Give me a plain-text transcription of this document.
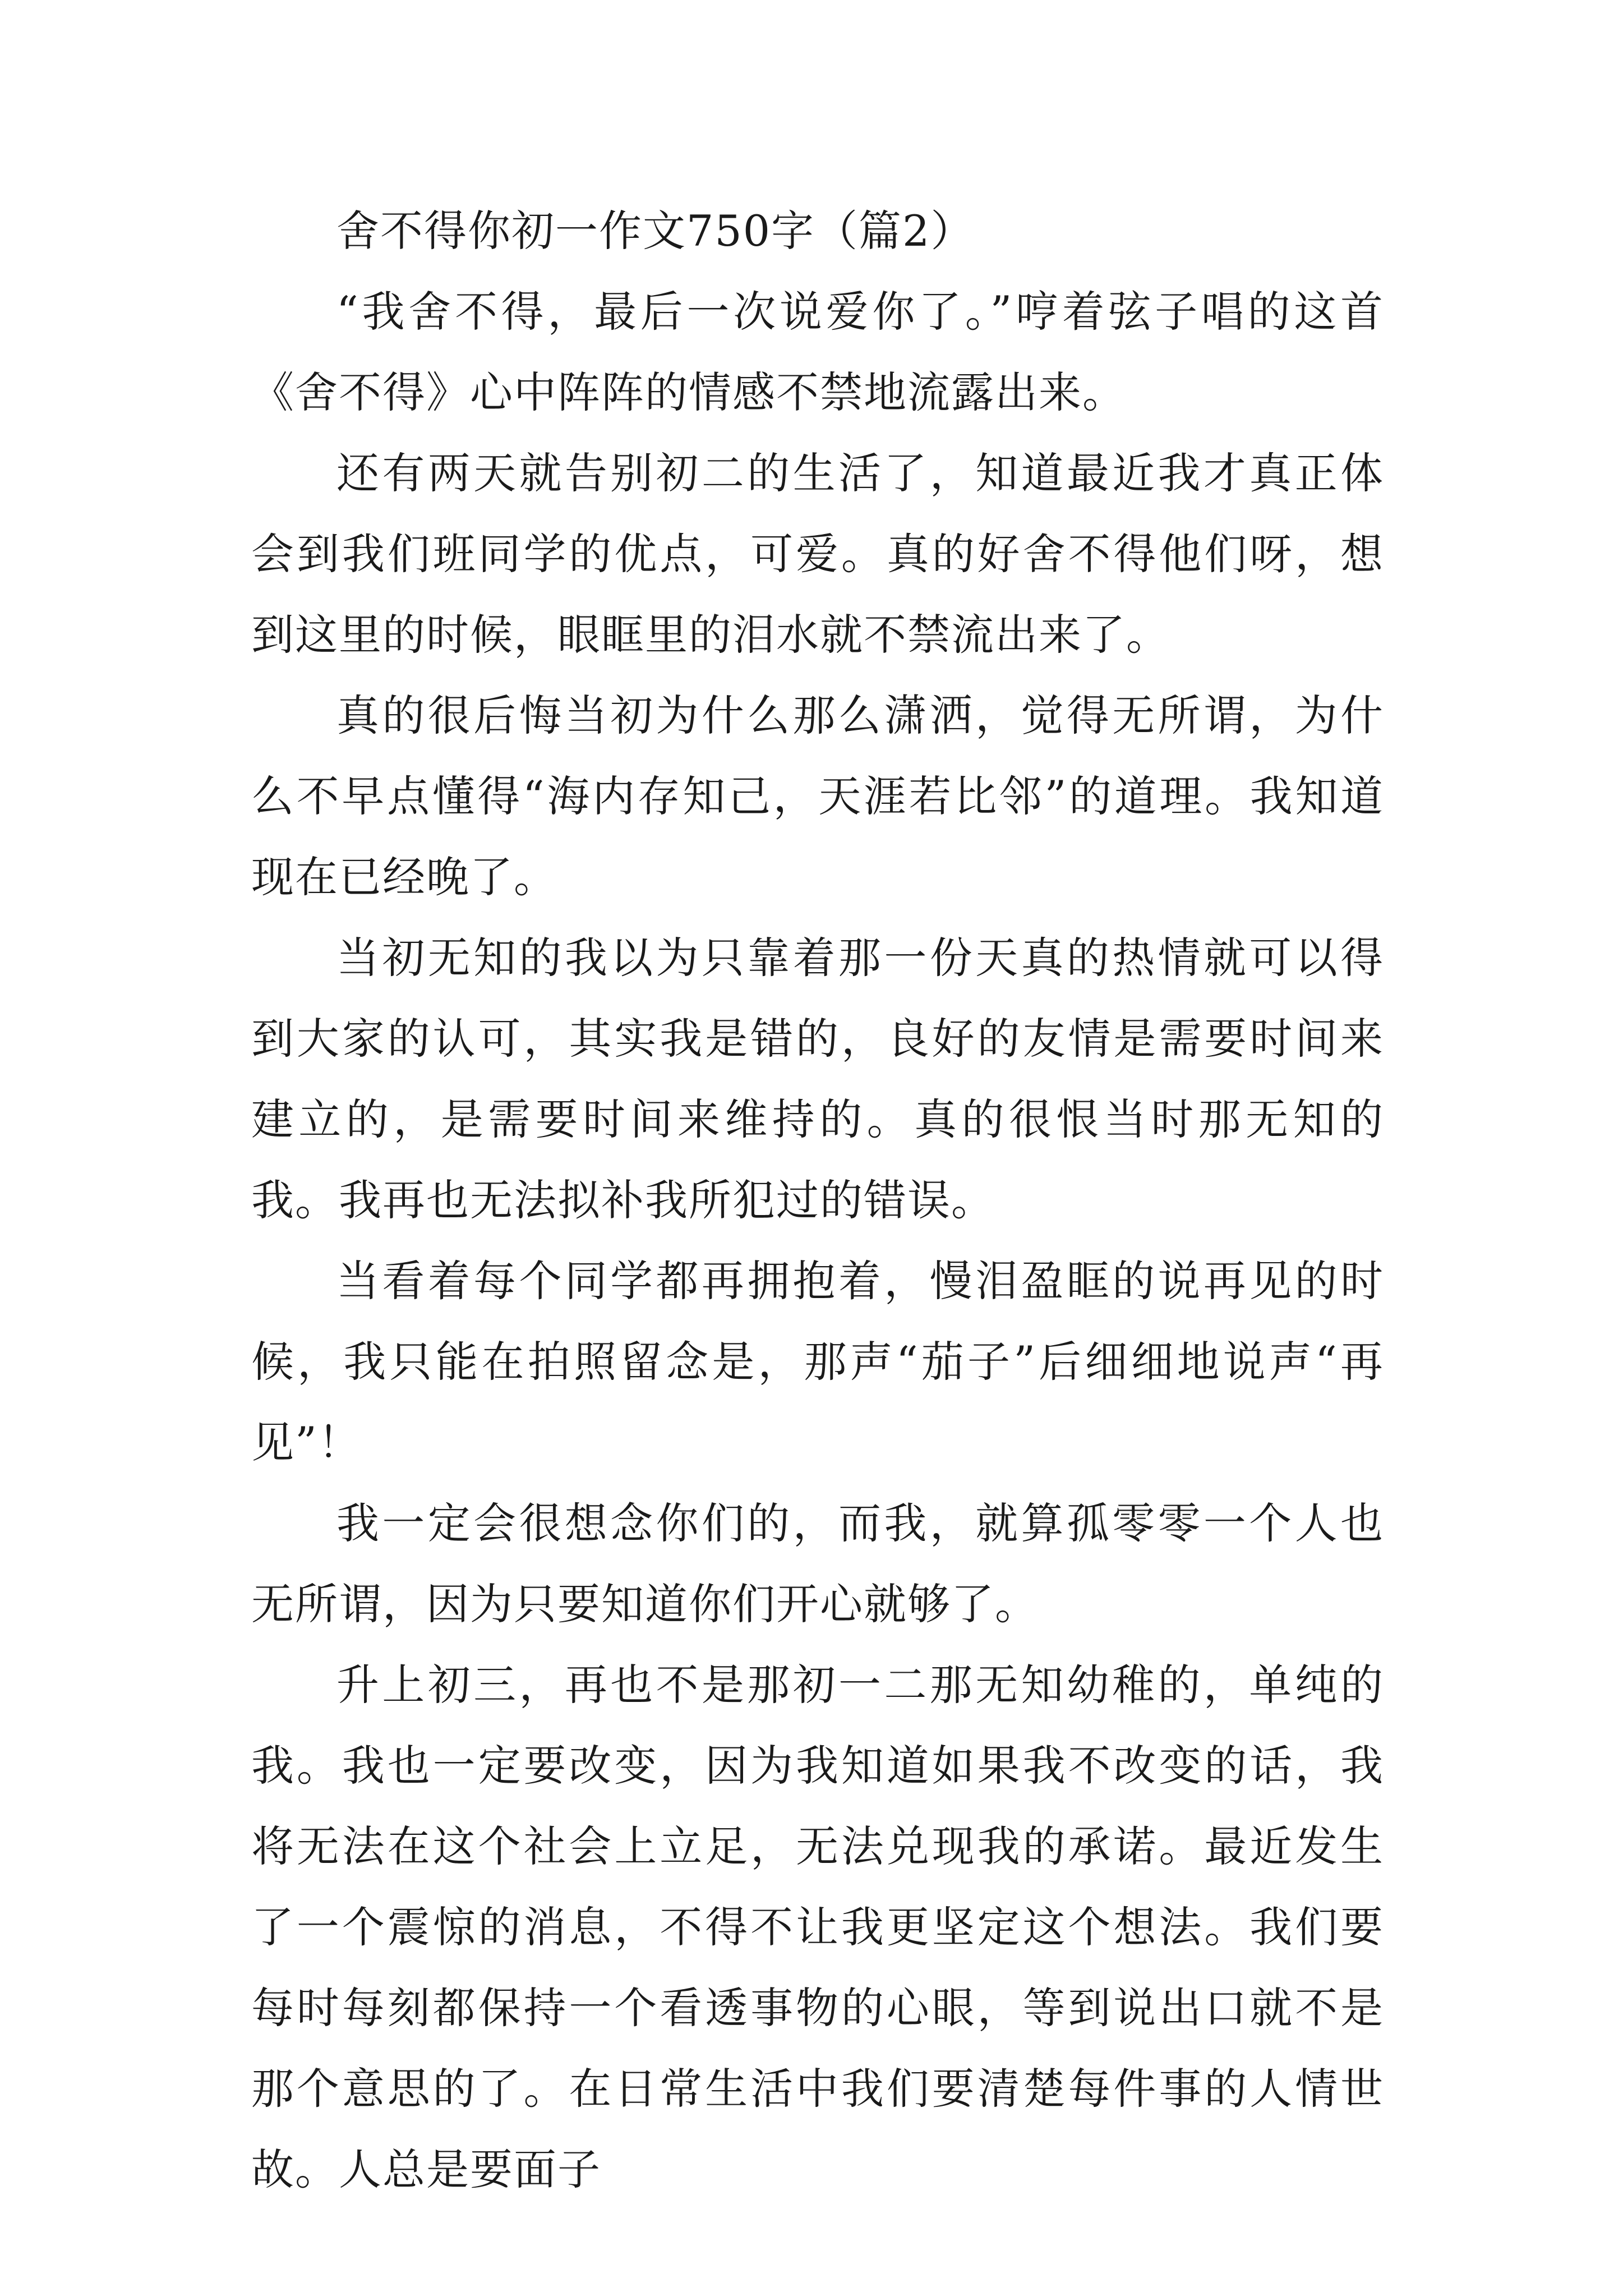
舍不得你初一作文750字（篇2）

“我舍不得，最后一次说爱你了。”哼着弦子唱的这首《舍不得》心中阵阵的情感不禁地流露出来。

还有两天就告别初二的生活了，知道最近我才真正体会到我们班同学的优点，可爱。真的好舍不得他们呀，想到这里的时候，眼眶里的泪水就不禁流出来了。

真的很后悔当初为什么那么潇洒，觉得无所谓，为什么不早点懂得“海内存知己，天涯若比邻”的道理。我知道现在已经晚了。

当初无知的我以为只靠着那一份天真的热情就可以得到大家的认可，其实我是错的，良好的友情是需要时间来建立的，是需要时间来维持的。真的很恨当时那无知的我。我再也无法拟补我所犯过的错误。

当看着每个同学都再拥抱着，慢泪盈眶的说再见的时候，我只能在拍照留念是，那声“茄子”后细细地说声“再见”！

我一定会很想念你们的，而我，就算孤零零一个人也无所谓，因为只要知道你们开心就够了。

升上初三，再也不是那初一二那无知幼稚的，单纯的我。我也一定要改变，因为我知道如果我不改变的话，我将无法在这个社会上立足，无法兑现我的承诺。最近发生了一个震惊的消息，不得不让我更坚定这个想法。我们要每时每刻都保持一个看透事物的心眼，等到说出口就不是那个意思的了。在日常生活中我们要清楚每件事的人情世故。人总是要面子
